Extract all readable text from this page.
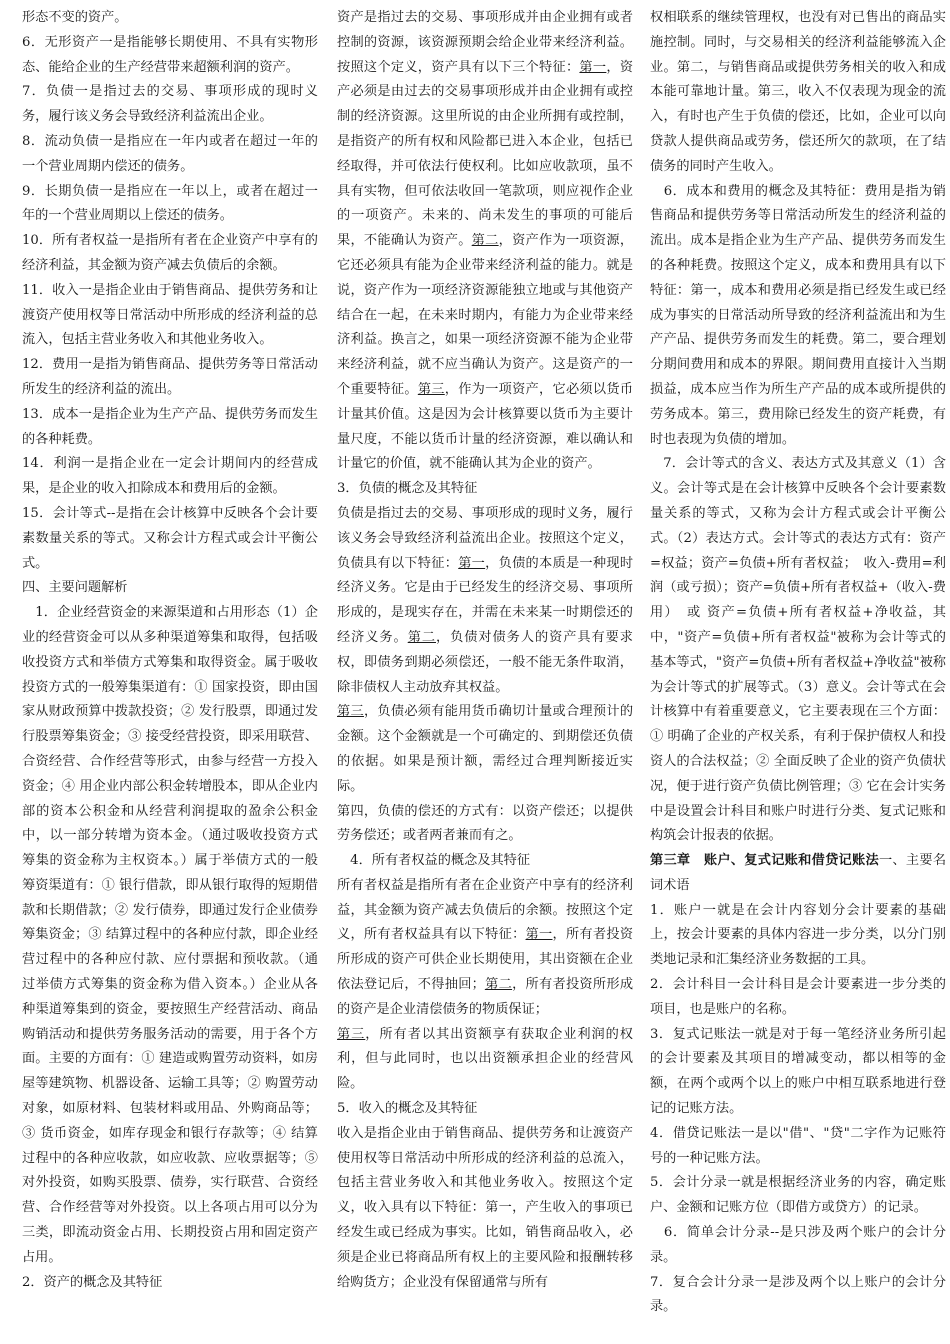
形态不变的资产。

6．无形资产一是指能够长期使用、不具有实物形态、能给企业的生产经营带来超额利润的资产。

7．负债一是指过去的交易、事项形成的现时义务，履行该义务会导致经济利益流出企业。

8．流动负债一是指应在一年内或者在超过一年的一个营业周期内偿还的债务。

9．长期负债一是指应在一年以上，或者在超过一年的一个营业周期以上偿还的债务。

10．所有者权益一是指所有者在企业资产中享有的经济利益，其金额为资产减去负债后的余额。

11．收入一是指企业由于销售商品、提供劳务和让渡资产使用权等日常活动中所形成的经济利益的总流入，包括主营业务收入和其他业务收入。

12．费用一是指为销售商品、提供劳务等日常活动所发生的经济利益的流出。

13．成本一是指企业为生产产品、提供劳务而发生的各种耗费。

14．利润一是指企业在一定会计期间内的经营成果，是企业的收入扣除成本和费用后的金额。

15．会计等式--是指在会计核算中反映各个会计要素数量关系的等式。又称会计方程式或会计平衡公式。

四、主要问题解析

　1．企业经营资金的来源渠道和占用形态（1）企业的经营资金可以从多种渠道筹集和取得，包括吸收投资方式和举债方式筹集和取得资金。属于吸收投资方式的一般筹集渠道有：① 国家投资，即由国家从财政预算中拨款投资；② 发行股票，即通过发行股票筹集资金；③ 接受经营投资，即采用联营、合资经营、合作经营等形式，由参与经营一方投入资金；④ 用企业内部公积金转增股本，即从企业内部的资本公积金和从经营利润提取的盈余公积金中，以一部分转增为资本金。（通过吸收投资方式筹集的资金称为主权资本。）属于举债方式的一般筹资渠道有：① 银行借款，即从银行取得的短期借款和长期借款；② 发行债券，即通过发行企业债券筹集资金；③ 结算过程中的各种应付款，即企业经营过程中的各种应付款、应付票据和预收款。（通过举债方式筹集的资金称为借入资本。）企业从各种渠道筹集到的资金，要按照生产经营活动、商品购销活动和提供劳务服务活动的需要，用于各个方面。主要的方面有：① 建造或购置劳动资料，如房屋等建筑物、机器设备、运输工具等；② 购置劳动对象，如原材料、包装材料或用品、外购商品等；③ 货币资金，如库存现金和银行存款等；④ 结算过程中的各种应收款，如应收款、应收票据等；⑤ 对外投资，如购买股票、债券，实行联营、合资经营、合作经营等对外投资。以上各项占用可以分为三类，即流动资金占用、长期投资占用和固定资产占用。

2．资产的概念及其特征

资产是指过去的交易、事项形成并由企业拥有或者控制的资源，该资源预期会给企业带来经济利益。按照这个定义，资产具有以下三个特征：第一，资产必须是由过去的交易事项形成并由企业拥有或控制的经济资源。这里所说的由企业所拥有或控制，是指资产的所有权和风险都已进入本企业，包括已经取得，并可依法行使权利。比如应收款项，虽不具有实物，但可依法收回一笔款项，则应视作企业的一项资产。未来的、尚未发生的事项的可能后果，不能确认为资产。第二，资产作为一项资源，它还必须具有能为企业带来经济利益的能力。就是说，资产作为一项经济资源能独立地或与其他资产结合在一起，在未来时期内，有能力为企业带来经济利益。换言之，如果一项经济资源不能为企业带来经济利益，就不应当确认为资产。这是资产的一个重要特征。第三，作为一项资产，它必须以货币计量其价值。这是因为会计核算要以货币为主要计量尺度，不能以货币计量的经济资源，难以确认和计量它的价值，就不能确认其为企业的资产。

3．负债的概念及其特征

负债是指过去的交易、事项形成的现时义务，履行该义务会导致经济利益流出企业。按照这个定义，负债具有以下特征：第一，负债的本质是一种现时经济义务。它是由于已经发生的经济交易、事项所形成的，是现实存在，并需在未来某一时期偿还的经济义务。第二，负债对债务人的资产具有要求权，即债务到期必须偿还，一般不能无条件取消，除非债权人主动放弃其权益。

第三，负债必须有能用货币确切计量或合理预计的金额。这个金额就是一个可确定的、到期偿还负债的依据。如果是预计额，需经过合理判断接近实际。

第四，负债的偿还的方式有：以资产偿还；以提供劳务偿还；或者两者兼而有之。

　4．所有者权益的概念及其特征

所有者权益是指所有者在企业资产中享有的经济利益，其金额为资产减去负债后的余额。按照这个定义，所有者权益具有以下特征：第一，所有者投资所形成的资产可供企业长期使用，其出资额在企业依法登记后，不得抽回；第二，所有者投资所形成的资产是企业清偿债务的物质保证；

第三，所有者以其出资额享有获取企业利润的权利，但与此同时，也以出资额承担企业的经营风险。

5．收入的概念及其特征

收入是指企业由于销售商品、提供劳务和让渡资产使用权等日常活动中所形成的经济利益的总流入，包括主营业务收入和其他业务收入。按照这个定义，收入具有以下特征：第一，产生收入的事项已经发生或已经成为事实。比如，销售商品收入，必须是企业已将商品所有权上的主要风险和报酬转移给购货方；企业没有保留通常与所有

权相联系的继续管理权，也没有对已售出的商品实施控制。同时，与交易相关的经济利益能够流入企业。第二，与销售商品或提供劳务相关的收入和成本能可靠地计量。第三，收入不仅表现为现金的流入，有时也产生于负债的偿还，比如，企业可以向贷款人提供商品或劳务，偿还所欠的款项，在了结债务的同时产生收入。

　6．成本和费用的概念及其特征：费用是指为销售商品和提供劳务等日常活动所发生的经济利益的流出。成本是指企业为生产产品、提供劳务而发生的各种耗费。按照这个定义，成本和费用具有以下特征：第一，成本和费用必须是指已经发生或已经成为事实的日常活动所导致的经济利益流出和为生产产品、提供劳务而发生的耗费。第二，要合理划分期间费用和成本的界限。期间费用直接计入当期损益，成本应当作为所生产产品的成本或所提供的劳务成本。第三，费用除已经发生的资产耗费，有时也表现为负债的增加。

　7．会计等式的含义、表达方式及其意义（1）含义。会计等式是在会计核算中反映各个会计要素数量关系的等式，又称为会计方程式或会计平衡公式。（2）表达方式。会计等式的表达方式有：资产=权益；资产=负债+所有者权益；　收入-费用=利润（或亏损）；资产=负债+所有者权益+（收入-费用）　或 资产=负债+所有者权益+净收益，其中，"资产=负债+所有者权益"被称为会计等式的基本等式，"资产=负债+所有者权益+净收益"被称为会计等式的扩展等式。（3）意义。会计等式在会计核算中有着重要意义，它主要表现在三个方面：① 明确了企业的产权关系，有利于保护债权人和投资人的合法权益；② 全面反映了企业的资产负债状况，便于进行资产负债比例管理；③ 它在会计实务中是设置会计科目和账户时进行分类、复式记账和构筑会计报表的依据。

第三章　账户、复式记账和借贷记账法一、主要名词术语

1．账户一就是在会计内容划分会计要素的基础上，按会计要素的具体内容进一步分类，以分门别类地记录和汇集经济业务数据的工具。

2．会计科目一会计科目是会计要素进一步分类的项目，也是账户的名称。

3．复式记账法一就是对于每一笔经济业务所引起的会计要素及其项目的增减变动，都以相等的金额，在两个或两个以上的账户中相互联系地进行登记的记账方法。

4．借贷记账法一是以"借"、"贷"二字作为记账符号的一种记账方法。

5．会计分录一就是根据经济业务的内容，确定账户、金额和记账方位（即借方或贷方）的记录。

　6．简单会计分录--是只涉及两个账户的会计分录。

7．复合会计分录一是涉及两个以上账户的会计分录。
